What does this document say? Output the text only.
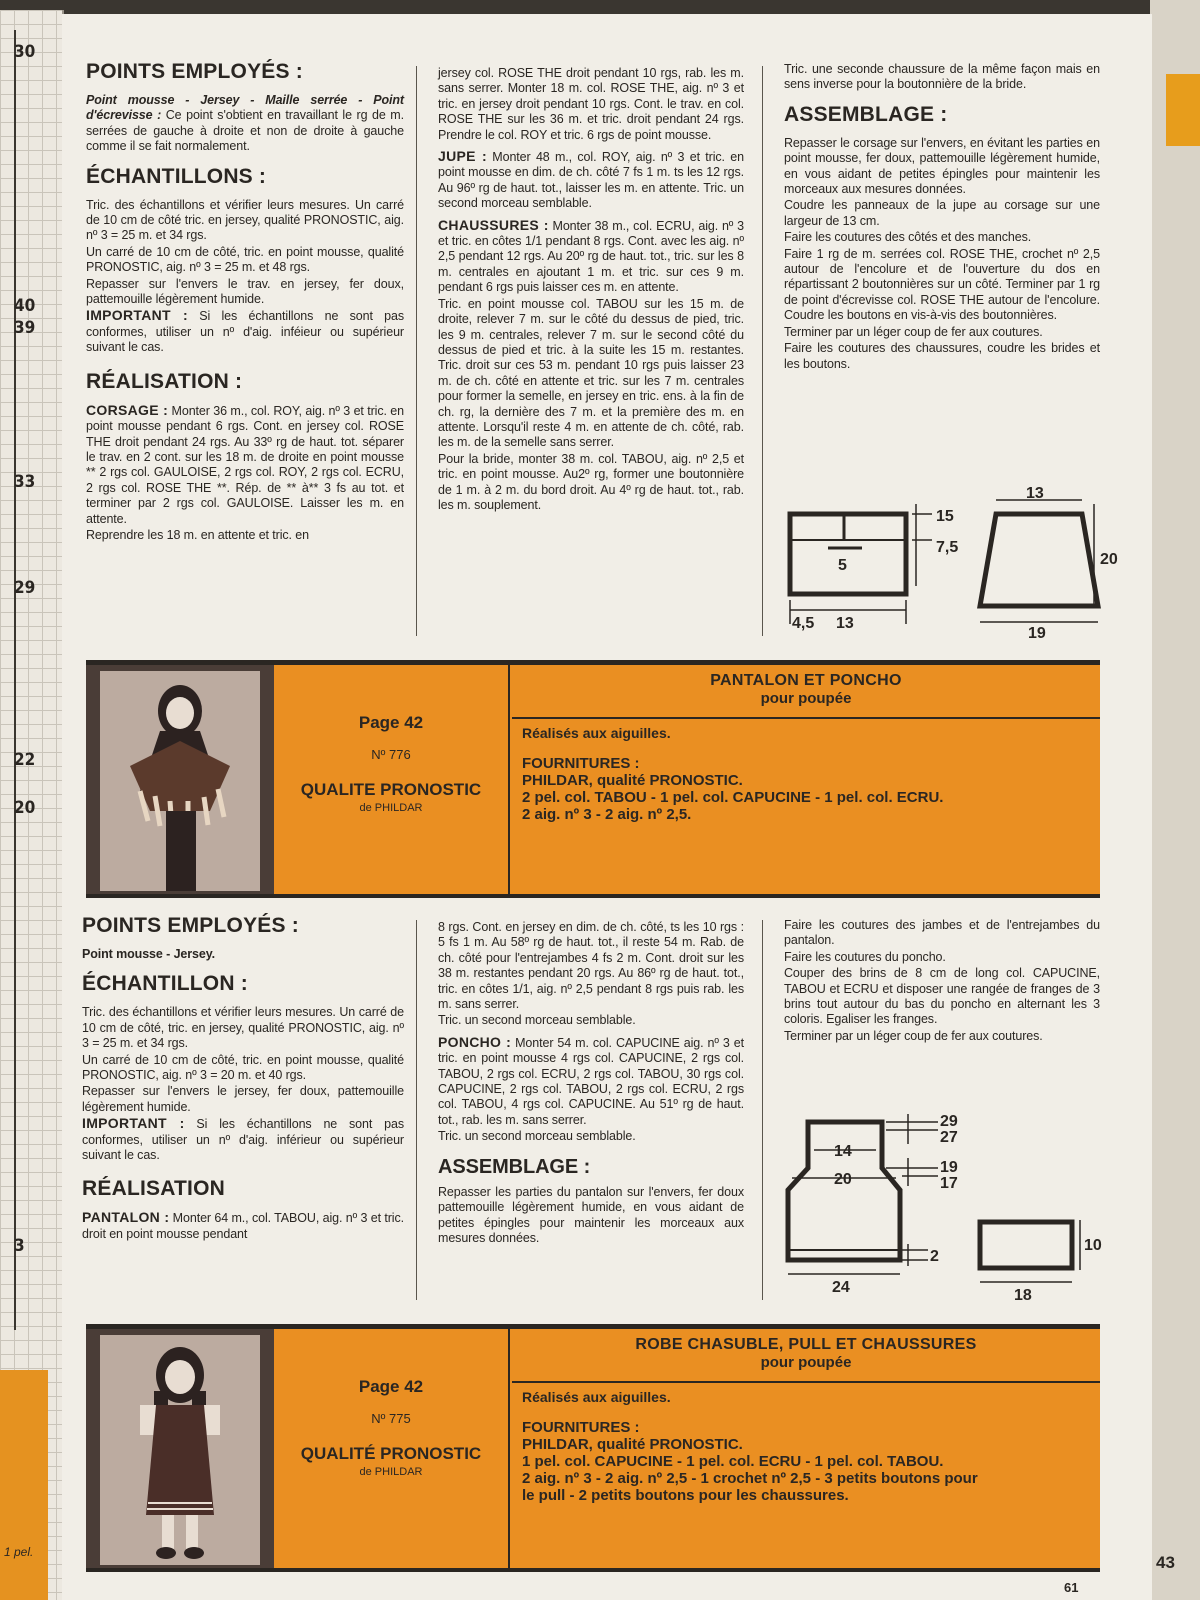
30
40
39
33
29
22
20
3
1 pel.
43
POINTS EMPLOYÉS :

Point mousse - Jersey - Maille serrée - Point d'écrevisse : Ce point s'obtient en travaillant le rg de m. serrées de gauche à droite et non de droite à gauche comme il se fait normalement.

ÉCHANTILLONS :

Tric. des échantillons et vérifier leurs mesures. Un carré de 10 cm de côté tric. en jersey, qualité PRONOSTIC, aig. nº 3 = 25 m. et 34 rgs.

Un carré de 10 cm de côté, tric. en point mousse, qualité PRONOSTIC, aig. nº 3 = 25 m. et 48 rgs.

Repasser sur l'envers le trav. en jersey, fer doux, pattemouille légèrement humide.

IMPORTANT : Si les échantillons ne sont pas conformes, utiliser un nº d'aig. inféieur ou supérieur suivant le cas.

RÉALISATION :

CORSAGE : Monter 36 m., col. ROY, aig. nº 3 et tric. en point mousse pendant 6 rgs. Cont. en jersey col. ROSE THE droit pendant 24 rgs. Au 33º rg de haut. tot. séparer le trav. en 2 cont. sur les 18 m. de droite en point mousse ** 2 rgs col. GAULOISE, 2 rgs col. ROY, 2 rgs col. ECRU, 2 rgs col. ROSE THE **. Rép. de ** à** 3 fs au tot. et terminer par 2 rgs col. GAULOISE. Laisser les m. en attente.

Reprendre les 18 m. en attente et tric. en

jersey col. ROSE THE droit pendant 10 rgs, rab. les m. sans serrer. Monter 18 m. col. ROSE THE, aig. nº 3 et tric. en jersey droit pendant 10 rgs. Cont. le trav. en col. ROSE THE sur les 36 m. et tric. droit pendant 24 rgs. Prendre le col. ROY et tric. 6 rgs de point mousse.

JUPE : Monter 48 m., col. ROY, aig. nº 3 et tric. en point mousse en dim. de ch. côté 7 fs 1 m. ts les 12 rgs. Au 96º rg de haut. tot., laisser les m. en attente. Tric. un second morceau semblable.

CHAUSSURES : Monter 38 m., col. ECRU, aig. nº 3 et tric. en côtes 1/1 pendant 8 rgs. Cont. avec les aig. nº 2,5 pendant 12 rgs. Au 20º rg de haut. tot., tric. sur les 8 m. centrales en ajoutant 1 m. et tric. sur ces 9 m. pendant 6 rgs puis laisser ces m. en attente.

Tric. en point mousse col. TABOU sur les 15 m. de droite, relever 7 m. sur le côté du dessus de pied, tric. les 9 m. centrales, relever 7 m. sur le second côté du dessus de pied et tric. à la suite les 15 m. restantes. Tric. droit sur ces 53 m. pendant 10 rgs puis laisser 23 m. de ch. côté en attente et tric. sur les 7 m. centrales pour former la semelle, en jersey en tric. ens. à la fin de ch. rg, la dernière des 7 m. et la première des m. en attente. Lorsqu'il reste 4 m. en attente de ch. côté, rab. les m. de la semelle sans serrer.

Pour la bride, monter 38 m. col. TABOU, aig. nº 2,5 et tric. en point mousse. Au2º rg, former une boutonnière de 1 m. à 2 m. du bord droit. Au 4º rg de haut. tot., rab. les m. souplement.

Tric. une seconde chaussure de la même façon mais en sens inverse pour la boutonnière de la bride.

ASSEMBLAGE :

Repasser le corsage sur l'envers, en évitant les parties en point mousse, fer doux, pattemouille légèrement humide, en vous aidant de petites épingles pour maintenir les morceaux aux mesures données.

Coudre les panneaux de la jupe au corsage sur une largeur de 13 cm.

Faire les coutures des côtés et des manches.

Faire 1 rg de m. serrées col. ROSE THE, crochet nº 2,5 autour de l'encolure et de l'ouverture du dos en répartissant 2 boutonnières sur un côté. Terminer par 1 rg de point d'écrevisse col. ROSE THE autour de l'encolure. Coudre les boutons en vis-à-vis des boutonnières.

Terminer par un léger coup de fer aux coutures.

Faire les coutures des chaussures, coudre les brides et les boutons.

15
7,5
5
4,5 13
13
20
19
Page 42
Nº 776
QUALITE PRONOSTIC
de PHILDAR
PANTALON ET PONCHO
pour poupée
Réalisés aux aiguilles.
FOURNITURES :
PHILDAR, qualité PRONOSTIC.
2 pel. col. TABOU - 1 pel. col. CAPUCINE - 1 pel. col. ECRU.
2 aig. nº 3 - 2 aig. nº 2,5.
POINTS EMPLOYÉS :

Point mousse - Jersey.

ÉCHANTILLON :

Tric. des échantillons et vérifier leurs mesures. Un carré de 10 cm de côté, tric. en jersey, qualité PRONOSTIC, aig. nº 3 = 25 m. et 34 rgs.

Un carré de 10 cm de côté, tric. en point mousse, qualité PRONOSTIC, aig. nº 3 = 20 m. et 40 rgs.

Repasser sur l'envers le jersey, fer doux, pattemouille légèrement humide.

IMPORTANT : Si les échantillons ne sont pas conformes, utiliser un nº d'aig. inférieur ou supérieur suivant le cas.

RÉALISATION

PANTALON : Monter 64 m., col. TABOU, aig. nº 3 et tric. droit en point mousse pendant

8 rgs. Cont. en jersey en dim. de ch. côté, ts les 10 rgs : 5 fs 1 m. Au 58º rg de haut. tot., il reste 54 m. Rab. de ch. côté pour l'entrejambes 4 fs 2 m. Cont. droit sur les 38 m. restantes pendant 20 rgs. Au 86º rg de haut. tot., tric. en côtes 1/1, aig. nº 2,5 pendant 8 rgs puis rab. les m. sans serrer.

Tric. un second morceau semblable.

PONCHO : Monter 54 m. col. CAPUCINE aig. nº 3 et tric. en point mousse 4 rgs col. CAPUCINE, 2 rgs col. TABOU, 2 rgs col. ECRU, 2 rgs col. TABOU, 30 rgs col. CAPUCINE, 2 rgs col. TABOU, 2 rgs col. ECRU, 2 rgs col. TABOU, 4 rgs col. CAPUCINE. Au 51º rg de haut. tot., rab. les m. sans serrer.

Tric. un second morceau semblable.

ASSEMBLAGE :

Repasser les parties du pantalon sur l'envers, fer doux pattemouille légèrement humide, en vous aidant de petites épingles pour maintenir les morceaux aux mesures données.

Faire les coutures des jambes et de l'entrejambes du pantalon.

Faire les coutures du poncho.

Couper des brins de 8 cm de long col. CAPUCINE, TABOU et ECRU et disposer une rangée de franges de 3 brins tout autour du bas du poncho en alternant les 3 coloris. Egaliser les franges.

Terminer par un léger coup de fer aux coutures.

29
27
14
20
19
17
2
24
10
18
Page 42
Nº 775
QUALITÉ PRONOSTIC
de PHILDAR
ROBE CHASUBLE, PULL ET CHAUSSURES
pour poupée
Réalisés aux aiguilles.
FOURNITURES :
PHILDAR, qualité PRONOSTIC.
1 pel. col. CAPUCINE - 1 pel. col. ECRU - 1 pel. col. TABOU.
2 aig. nº 3 - 2 aig. nº 2,5 - 1 crochet nº 2,5 - 3 petits boutons pour
le pull - 2 petits boutons pour les chaussures.
61
